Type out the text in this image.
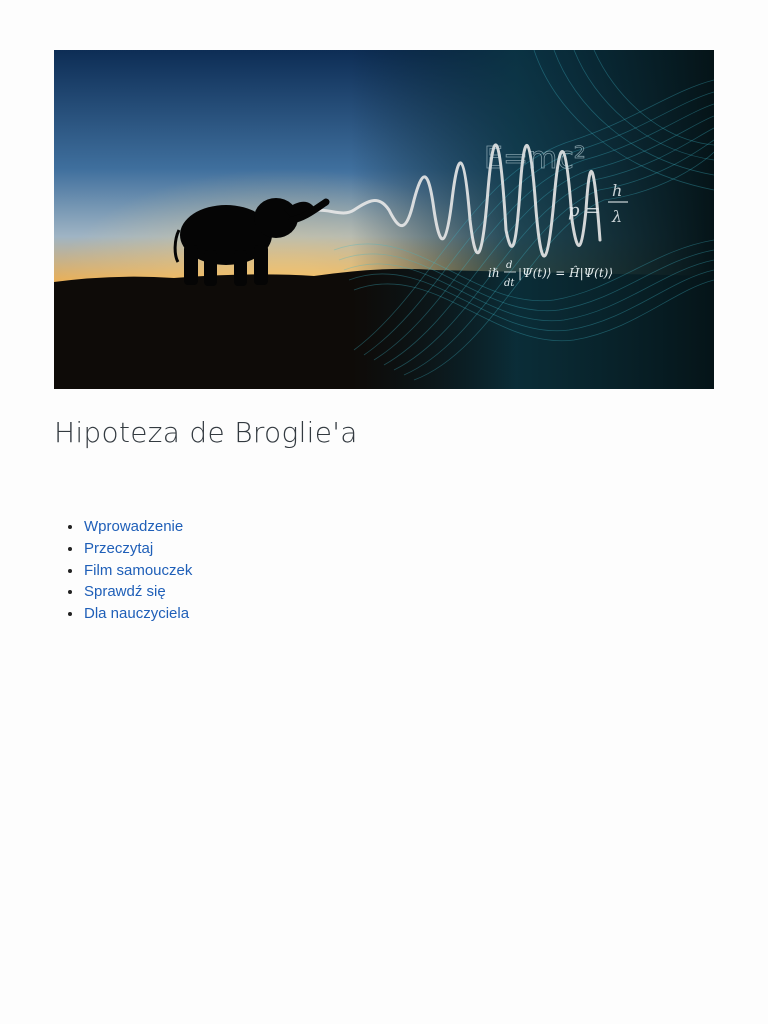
E=mc²
p =
h
λ
iℏ
d
dt
|Ψ(t)⟩ = Ĥ|Ψ(t)⟩
Hipoteza de Broglie'a
Wprowadzenie
Przeczytaj
Film samouczek
Sprawdź się
Dla nauczyciela
